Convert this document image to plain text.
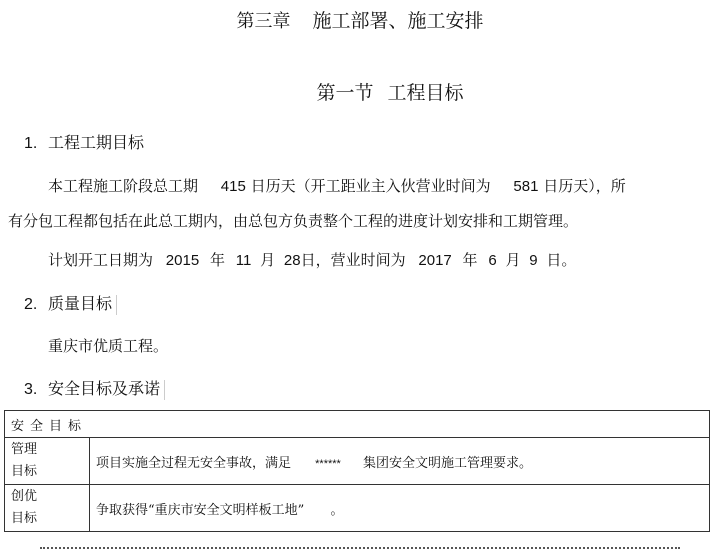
第三章 施工部署、施工安排
第一节 工程目标
1. 工程工期目标
本工程施工阶段总工期 415 日历天（开工距业主入伙营业时间为 581 日历天），所
有分包工程都包括在此总工期内，由总包方负责整个工程的进度计划安排和工期管理。
计划开工日期为 2015 年 11 月 28日，营业时间为 2017 年 6 月 9 日。
2. 质量目标
重庆市优质工程。
3. 安全目标及承诺
安全目标	

管理
目标	项目实施全过程无安全事故，满足 ****** 集团安全文明施工管理要求。

创优
目标	争取获得“重庆市安全文明样板工地” 。
